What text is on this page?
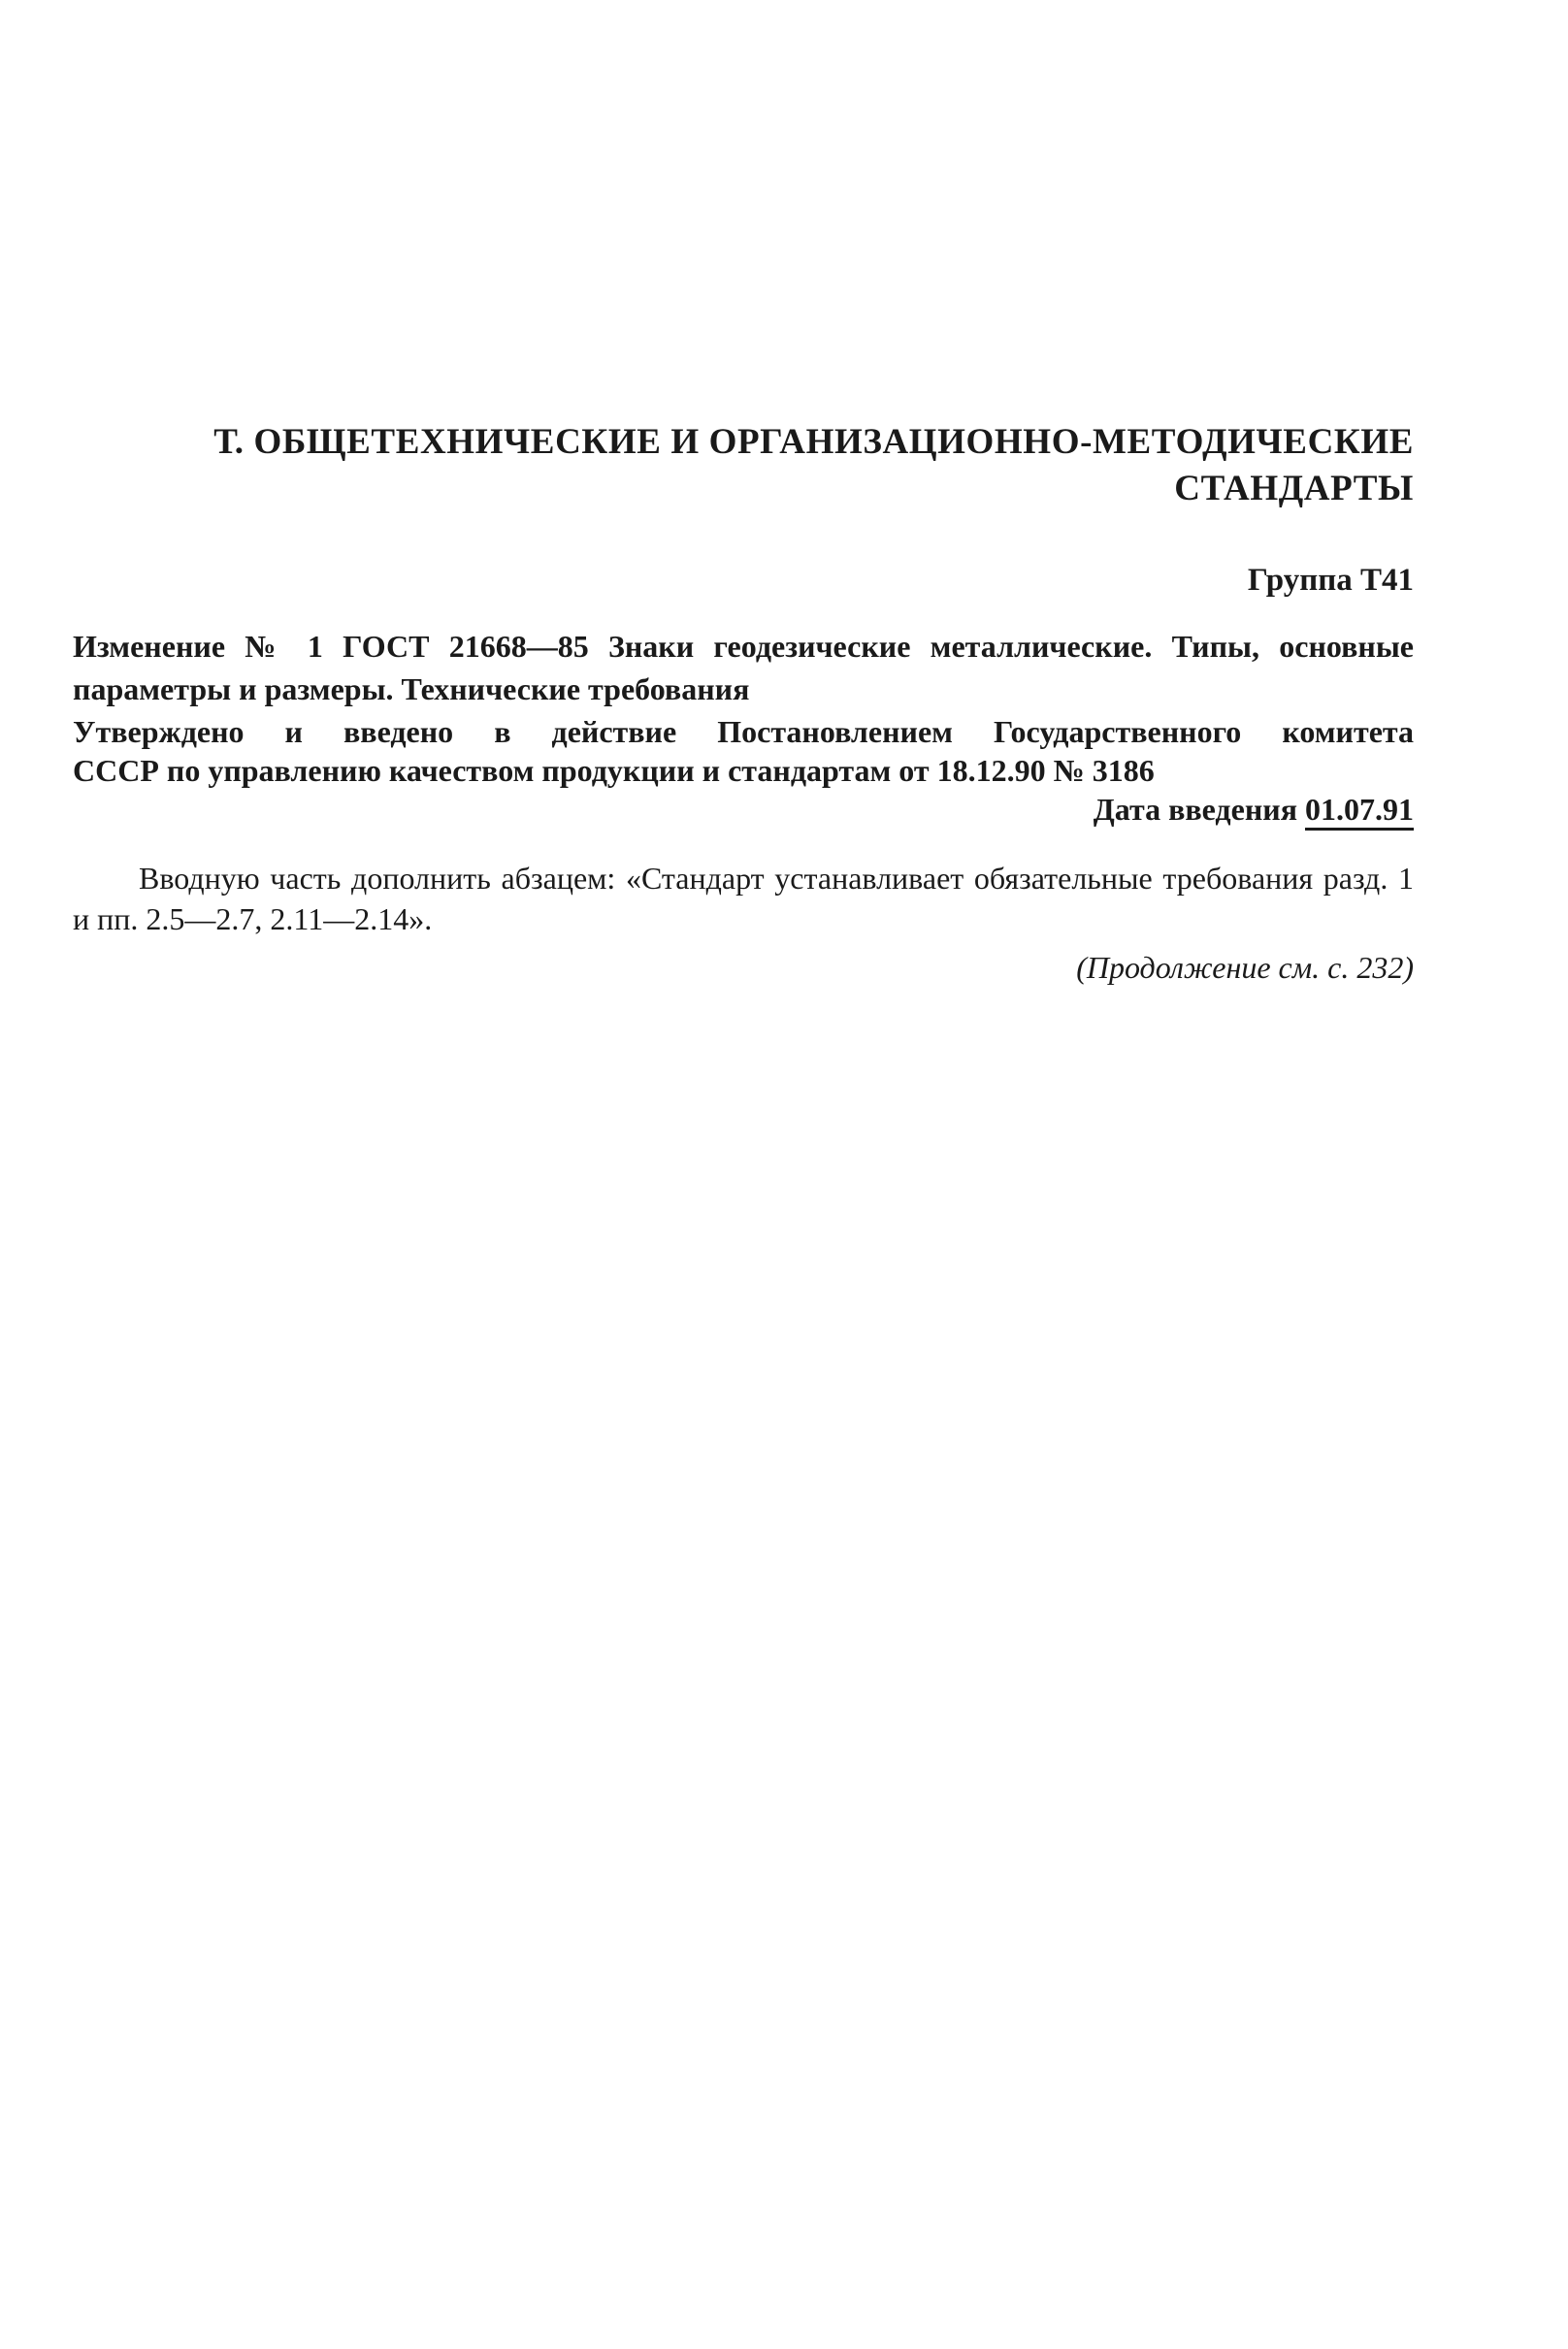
Т. ОБЩЕТЕХНИЧЕСКИЕ И ОРГАНИЗАЦИОННО-МЕТОДИЧЕСКИЕ
СТАНДАРТЫ
Группа Т41
Изменение № 1 ГОСТ 21668—85 Знаки геодезические металлические. Типы, основные параметры и размеры. Технические требования
Утверждено и введено в действие Постановлением Государственного комитета
СССР по управлению качеством продукции и стандартам от 18.12.90 № 3186
Дата введения 01.07.91
Вводную часть дополнить абзацем: «Стандарт устанавливает обязательные требования разд. 1 и пп. 2.5—2.7, 2.11—2.14».
(Продолжение см. с. 232)
